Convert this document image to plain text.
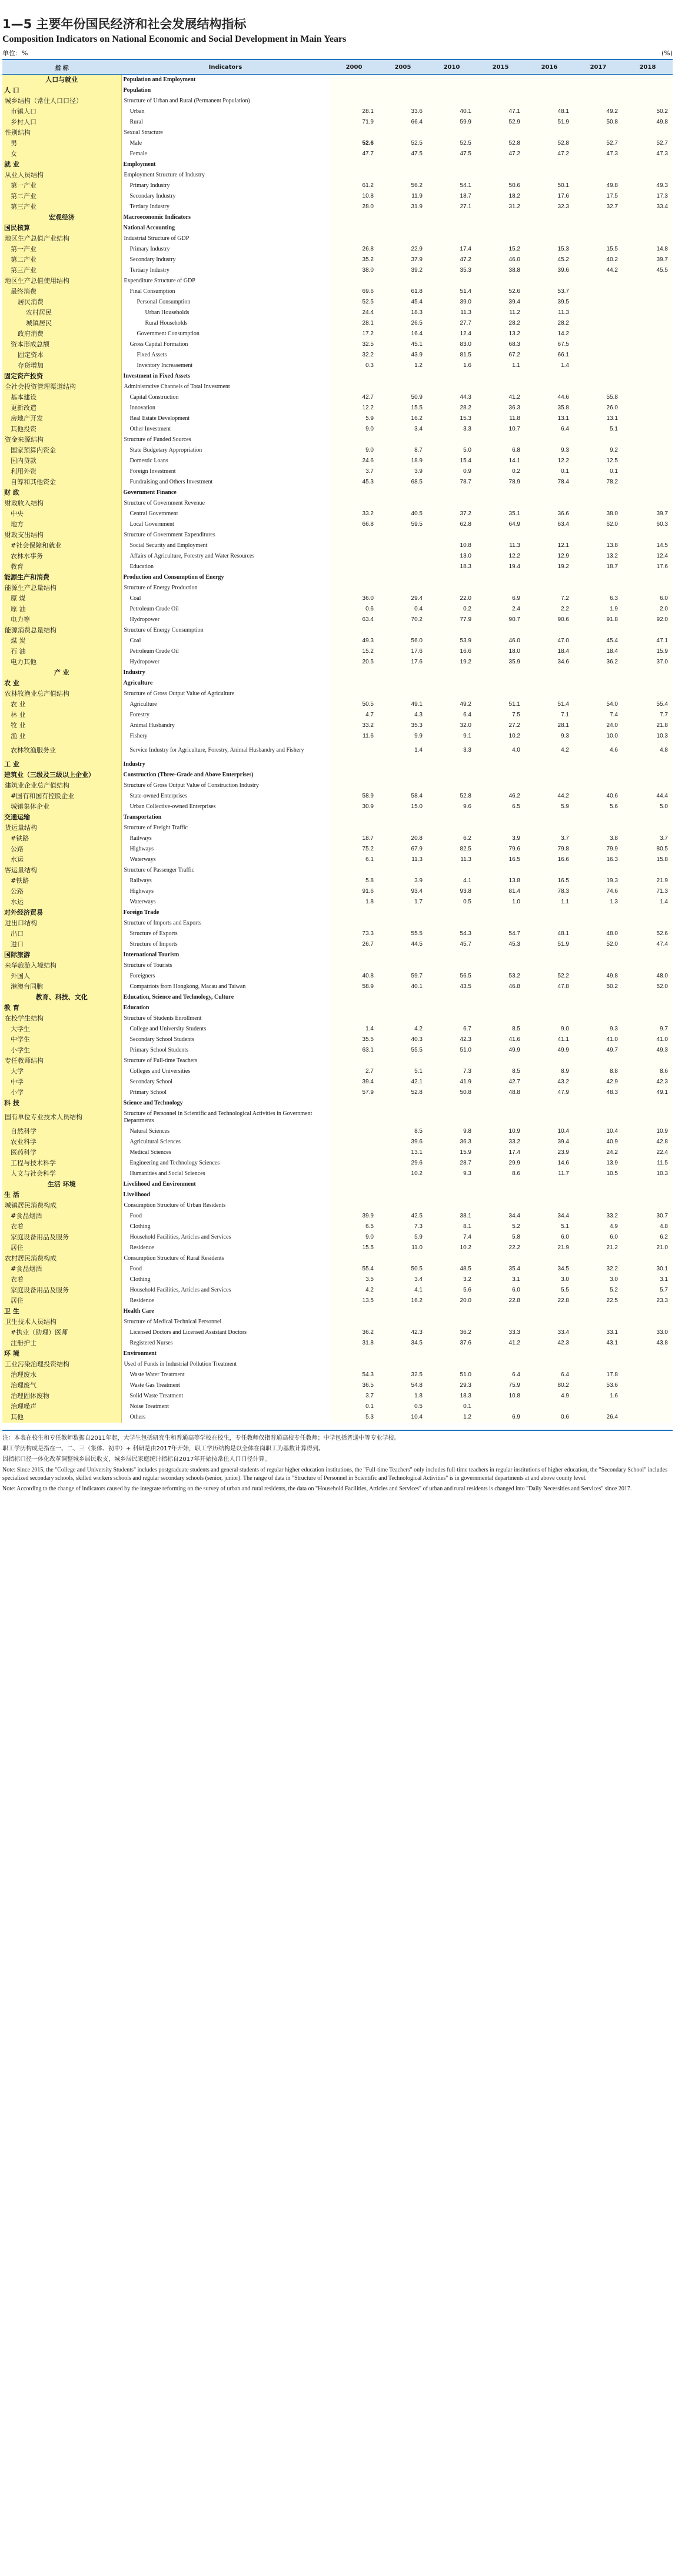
1—5 主要年份国民经济和社会发展结构指标
Composition Indicators on National Economic and Social Development in Main Years
单位：%	(%)
指 标	Indicators	2000	2005	2010	2015	2016	2017	2018
人口与就业	Population and Employment							
人 口	Population							
城乡结构（常住人口口径）	Structure of Urban and Rural (Permanent Population)							
市镇人口	Urban	28.1	33.6	40.1	47.1	48.1	49.2	50.2
乡村人口	Rural	71.9	66.4	59.9	52.9	51.9	50.8	49.8
性别结构	Sexual Structure							
男	Male	52.6	52.5	52.5	52.8	52.8	52.7	52.7
女	Female	47.7	47.5	47.5	47.2	47.2	47.3	47.3
就 业	Employment							
从业人员结构	Employment Structure of Industry							
第一产业	Primary Industry	61.2	56.2	54.1	50.6	50.1	49.8	49.3
第二产业	Secondary Industry	10.8	11.9	18.7	18.2	17.6	17.5	17.3
第三产业	Tertiary Industry	28.0	31.9	27.1	31.2	32.3	32.7	33.4
宏观经济	Macroeconomic Indicators							
国民核算	National Accounting							
地区生产总值产业结构	Industrial Structure of GDP							
第一产业	Primary Industry	26.8	22.9	17.4	15.2	15.3	15.5	14.8
第二产业	Secondary Industry	35.2	37.9	47.2	46.0	45.2	40.2	39.7
第三产业	Tertiary Industry	38.0	39.2	35.3	38.8	39.6	44.2	45.5
地区生产总值使用结构	Expenditure Structure of GDP							
最终消费	Final Consumption	69.6	61.8	51.4	52.6	53.7		
居民消费	Personal Consumption	52.5	45.4	39.0	39.4	39.5		
农村居民	Urban Households	24.4	18.3	11.3	11.2	11.3		
城镇居民	Rural Households	28.1	26.5	27.7	28.2	28.2		
政府消费	Government Consumption	17.2	16.4	12.4	13.2	14.2		
资本形成总额	Gross Capital Formation	32.5	45.1	83.0	68.3	67.5		
固定资本	Fixed Assets	32.2	43.9	81.5	67.2	66.1		
存货增加	Inventory Increasement	0.3	1.2	1.6	1.1	1.4		
固定资产投资	Investment in Fixed Assets							
全社会投资管理渠道结构	Administrative Channels of Total Investment							
基本建设	Capital Construction	42.7	50.9	44.3	41.2	44.6	55.8	
更新改造	Innovation	12.2	15.5	28.2	36.3	35.8	26.0	
房地产开发	Real Estate Development	5.9	16.2	15.3	11.8	13.1	13.1	
其他投资	Other Investment	9.0	3.4	3.3	10.7	6.4	5.1	
资金来源结构	Structure of Funded Sources							
国家预算内资金	State Budgetary Appropriation	9.0	8.7	5.0	6.8	9.3	9.2	
国内贷款	Domestic Loans	24.6	18.9	15.4	14.1	12.2	12.5	
利用外资	Foreign Investment	3.7	3.9	0.9	0.2	0.1	0.1	
自筹和其他资金	Fundraising and Others Investment	45.3	68.5	78.7	78.9	78.4	78.2	
财 政	Government Finance							
财政收入结构	Structure of Government Revenue							
中央	Central Government	33.2	40.5	37.2	35.1	36.6	38.0	39.7
地方	Local Government	66.8	59.5	62.8	64.9	63.4	62.0	60.3
财政支出结构	Structure of Government Expenditures							
#社会保障和就业	Social Security and Employment			10.8	11.3	12.1	13.8	14.5
农林水事务	Affairs of Agriculture, Forestry and Water Resources			13.0	12.2	12.9	13.2	12.4
教育	Education			18.3	19.4	19.2	18.7	17.6
能源生产和消费	Production and Consumption of Energy							
能源生产总量结构	Structure of Energy Production							
原 煤	Coal	36.0	29.4	22.0	6.9	7.2	6.3	6.0
原 油	Petroleum Crude Oil	0.6	0.4	0.2	2.4	2.2	1.9	2.0
电力等	Hydropower	63.4	70.2	77.9	90.7	90.6	91.8	92.0
能源消费总量结构	Structure of Energy Consumption							
煤 炭	Coal	49.3	56.0	53.9	46.0	47.0	45.4	47.1
石 油	Petroleum Crude Oil	15.2	17.6	16.6	18.0	18.4	18.4	15.9
电力其他	Hydropower	20.5	17.6	19.2	35.9	34.6	36.2	37.0
产 业	Industry							
农 业	Agriculture							
农林牧渔业总产值结构	Structure of Gross Output Value of Agriculture							
农 业	Agriculture	50.5	49.1	49.2	51.1	51.4	54.0	55.4
林 业	Forestry	4.7	4.3	6.4	7.5	7.1	7.4	7.7
牧 业	Animal Husbandry	33.2	35.3	32.0	27.2	28.1	24.0	21.8
渔 业	Fishery	11.6	9.9	9.1	10.2	9.3	10.0	10.3
农林牧渔服务业	Service Industry for Agriculture, Forestry, Animal Husbandry and Fishery		1.4	3.3	4.0	4.2	4.6	4.8
工 业	Industry							
建筑业（三级及三级以上企业）	Construction (Three-Grade and Above Enterprises)							
建筑业企业总产值结构	Structure of Gross Output Value of Construction Industry							
#国有和国有控股企业	State-owned Enterprises	58.9	58.4	52.8	46.2	44.2	40.6	44.4
城镇集体企业	Urban Collective-owned Enterprises	30.9	15.0	9.6	6.5	5.9	5.6	5.0
交通运输	Transportation							
货运量结构	Structure of Freight Traffic							
#铁路	Railways	18.7	20.8	6.2	3.9	3.7	3.8	3.7
公路	Highways	75.2	67.9	82.5	79.6	79.8	79.9	80.5
水运	Waterways	6.1	11.3	11.3	16.5	16.6	16.3	15.8
客运量结构	Structure of Passenger Traffic							
#铁路	Railways	5.8	3.9	4.1	13.8	16.5	19.3	21.9
公路	Highways	91.6	93.4	93.8	81.4	78.3	74.6	71.3
水运	Waterways	1.8	1.7	0.5	1.0	1.1	1.3	1.4
对外经济贸易	Foreign Trade							
进出口结构	Structure of Imports and Exports							
出口	Structure of Exports	73.3	55.5	54.3	54.7	48.1	48.0	52.6
进口	Structure of Imports	26.7	44.5	45.7	45.3	51.9	52.0	47.4
国际旅游	International Tourism							
来华旅游入境结构	Structure of Tourists							
外国人	Foreigners	40.8	59.7	56.5	53.2	52.2	49.8	48.0
港澳台同胞	Compatriots from Hongkong, Macau and Taiwan	58.9	40.1	43.5	46.8	47.8	50.2	52.0
教育、科技、文化	Education, Science and Technology, Culture							
教 育	Education							
在校学生结构	Structure of Students Enrollment							
大学生	College and University Students	1.4	4.2	6.7	8.5	9.0	9.3	9.7
中学生	Secondary School Students	35.5	40.3	42.3	41.6	41.1	41.0	41.0
小学生	Primary School Students	63.1	55.5	51.0	49.9	49.9	49.7	49.3
专任教师结构	Structure of Full-time Teachers							
大学	Colleges and Universities	2.7	5.1	7.3	8.5	8.9	8.8	8.6
中学	Secondary School	39.4	42.1	41.9	42.7	43.2	42.9	42.3
小学	Primary School	57.9	52.8	50.8	48.8	47.9	48.3	49.1
科 技	Science and Technology							
国有单位专业技术人员结构	Structure of Personnel in Scientific and Technological Activities in Government Departments							
自然科学	Natural Sciences		8.5	9.8	10.9	10.4	10.4	10.9
农业科学	Agricultural Sciences		39.6	36.3	33.2	39.4	40.9	42.8
医药科学	Medical Sciences		13.1	15.9	17.4	23.9	24.2	22.4
工程与技术科学	Engineering and Technology Sciences		29.6	28.7	29.9	14.6	13.9	11.5
人文与社会科学	Humanities and Social Sciences		10.2	9.3	8.6	11.7	10.5	10.3
生活 环境	Livelihood and Environment							
生 活	Livelihood							
城镇居民消费构成	Consumption Structure of Urban Residents							
#食品烟酒	Food	39.9	42.5	38.1	34.4	34.4	33.2	30.7
衣着	Clothing	6.5	7.3	8.1	5.2	5.1	4.9	4.8
家庭设备用品及服务	Household Facilities, Articles and Services	9.0	5.9	7.4	5.8	6.0	6.0	6.2
居住	Residence	15.5	11.0	10.2	22.2	21.9	21.2	21.0
农村居民消费构成	Consumption Structure of Rural Residents							
#食品烟酒	Food	55.4	50.5	48.5	35.4	34.5	32.2	30.1
衣着	Clothing	3.5	3.4	3.2	3.1	3.0	3.0	3.1
家庭设备用品及服务	Household Facilities, Articles and Services	4.2	4.1	5.6	6.0	5.5	5.2	5.7
居住	Residence	13.5	16.2	20.0	22.8	22.8	22.5	23.3
卫 生	Health Care							
卫生技术人员结构	Structure of Medical Technical Personnel							
#执业（助理）医师	Licensed Doctors and Licensed Assistant Doctors	36.2	42.3	36.2	33.3	33.4	33.1	33.0
注册护士	Registered Nurses	31.8	34.5	37.6	41.2	42.3	43.1	43.8
环 境	Environment							
工业污染治理投资结构	Used of Funds in Industrial Pollution Treatment							
治理废水	Waste Water Treatment	54.3	32.5	51.0	6.4	6.4	17.8	
治理废气	Waste Gas Treatment	36.5	54.8	29.3	75.9	80.2	53.6	
治理固体废物	Solid Waste Treatment	3.7	1.8	18.3	10.8	4.9	1.6	
治理噪声	Noise Treatment	0.1	0.5	0.1				
其他	Others	5.3	10.4	1.2	6.9	0.6	26.4	

注：本表在校生和专任教师数据自2011年起，大学生包括研究生和普通高等学校在校生，专任教师仅指普通高校专任教师；中学包括普通中等专业学校。

职工学历构成是指在一、二、三（集体、初中）+ 科研是由2017年开始，职工学历结构是以全体在岗职工为基数计算得到。

因指标口径一体化改革调整城乡居民收支，城乡居民家庭统计指标自2017年开始按常住人口口径计算。

Note: Since 2015, the "College and University Students" includes postgraduate students and general students of regular higher education institutions, the "Full-time Teachers" only includes full-time teachers in regular institutions of higher education, the "Secondary School" includes specialized secondary schools, skilled workers schools and regular secondary schools (senior, junior). The range of data in "Structure of Personnel in Scientific and Technological Activities" is in governmental departments at and above county level.

Note: According to the change of indicators caused by the integrate reforming on the survey of urban and rural residents, the data on "Household Facilities, Articles and Services" of urban and rural residents is changed into "Daily Necessities and Services" since 2017.
